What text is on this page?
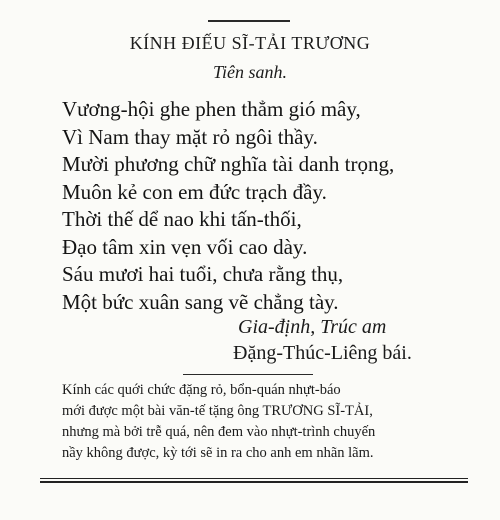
KÍNH ĐIẾU SĨ-TẢI TRƯƠNG
Tiên sanh.
Vương-hội ghe phen thẳm gió mây,
Vì Nam thay mặt rỏ ngôi thầy.
Mười phương chữ nghĩa tài danh trọng,
Muôn kẻ con em đức trạch đầy.
Thời thế dể nao khi tấn-thối,
Đạo tâm xin vẹn vối cao dày.
Sáu mươi hai tuổi, chưa rằng thụ,
Một bức xuân sang vẽ chẳng tày.
Gia-định, Trúc am
Đặng-Thúc-Liêng bái.
Kính các quới chức đặng rỏ, bổn-quán nhựt-báo
mới được một bài văn-tế tặng ông TRƯƠNG SĨ-TẢI,
nhưng mà bởi trễ quá, nên đem vào nhựt-trình chuyến
nầy không được, kỳ tới sẽ in ra cho anh em nhãn lãm.
